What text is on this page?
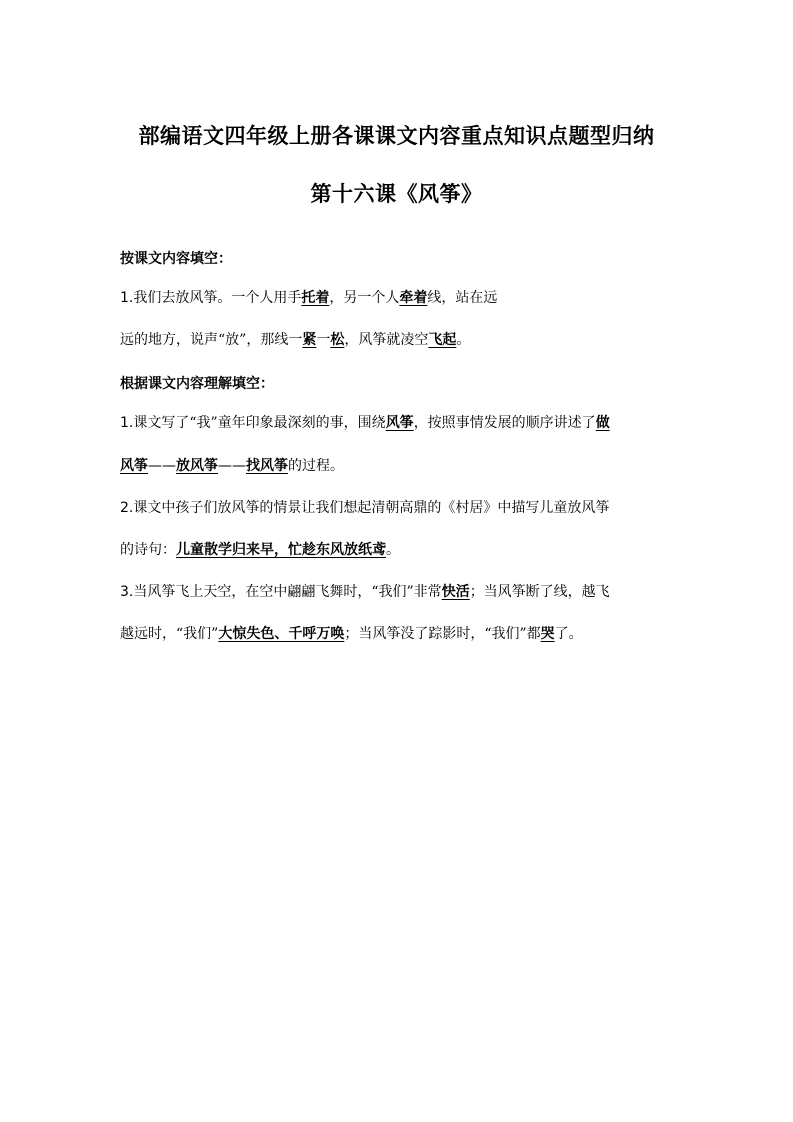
部编语文四年级上册各课课文内容重点知识点题型归纳
第十六课《风筝》

按课文内容填空：

1.我们去放风筝。一个人用手托着，另一个人牵着线，站在远

远的地方，说声“放”，那线一紧一松，风筝就凌空飞起。

根据课文内容理解填空：

1.课文写了“我”童年印象最深刻的事，围绕风筝，按照事情发展的顺序讲述了做

风筝——放风筝——找风筝的过程。

2.课文中孩子们放风筝的情景让我们想起清朝高鼎的《村居》中描写儿童放风筝

的诗句：儿童散学归来早，忙趁东风放纸鸢。

3.当风筝飞上天空，在空中翩翩飞舞时，“我们”非常快活；当风筝断了线，越飞

越远时，“我们”大惊失色、千呼万唤；当风筝没了踪影时，“我们”都哭了。
